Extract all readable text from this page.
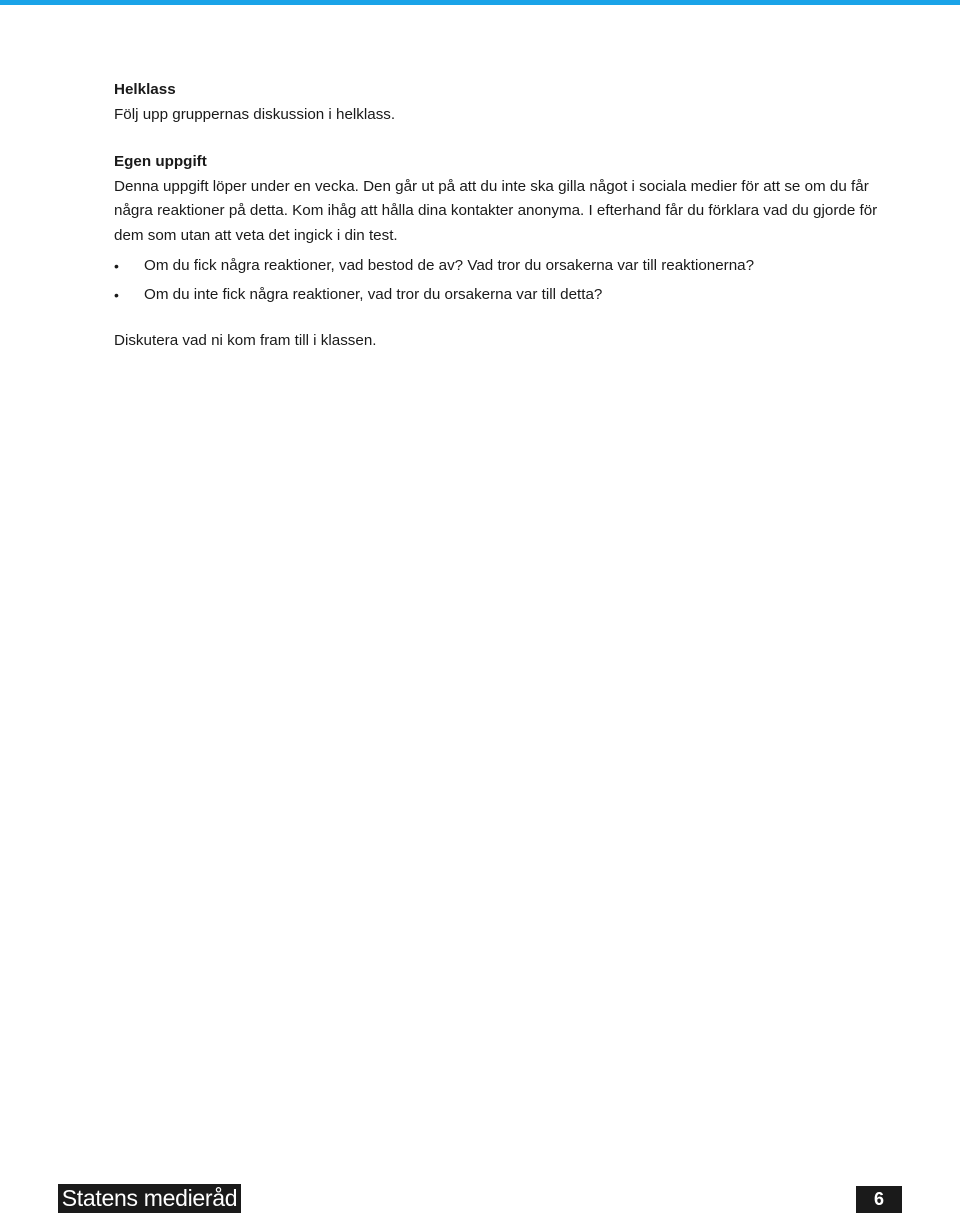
Helklass

Följ upp gruppernas diskussion i helklass.

Egen uppgift

Denna uppgift löper under en vecka. Den går ut på att du inte ska gilla något i sociala medier för att se om du får några reaktioner på detta. Kom ihåg att hålla dina kontakter anonyma. I efterhand får du förklara vad du gjorde för dem som utan att veta det ingick i din test.

• Om du fick några reaktioner, vad bestod de av? Vad tror du orsakerna var till reaktionerna?
• Om du inte fick några reaktioner, vad tror du orsakerna var till detta?

Diskutera vad ni kom fram till i klassen.

Statens medieråd	6
